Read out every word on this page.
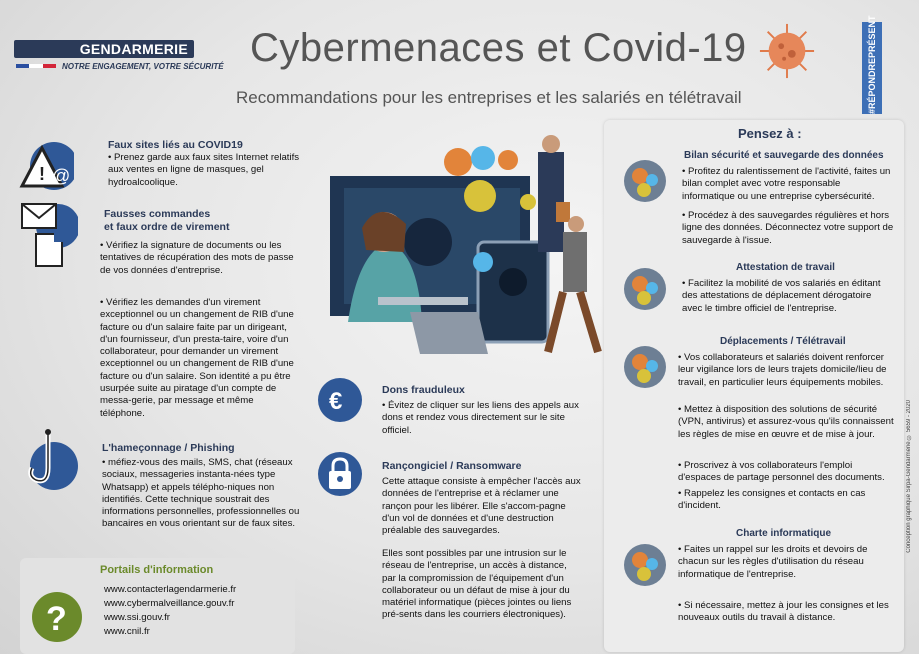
GENDARMERIE
NOTRE ENGAGEMENT, VOTRE SÉCURITÉ Cybermenaces et Covid-19
Recommandations pour les entreprises et les salariés en télétravail	#RÉPONDREPRÉSENT
! @
Faux sites liés au COVID19
• Prenez garde aux faux sites Internet relatifs aux ventes en ligne de masques, gel hydroalcoolique.
Fausses commandes
et faux ordre de virement
• Vérifiez la signature de documents ou les tentatives de récupération des mots de passe de vos données d'entreprise.
• Vérifiez les demandes d'un virement exceptionnel ou un changement de RIB d'une facture ou d'un salaire faite par un dirigeant, d'un fournisseur, d'un presta-taire, voire d'un collaborateur, pour demander un virement exceptionnel ou un changement de RIB d'une facture ou d'un salaire. Son identité a pu être usurpée suite au piratage d'un compte de messa-gerie, par message et même téléphone.
L'hameçonnage / Phishing
• méfiez-vous des mails, SMS, chat (réseaux sociaux, messageries instanta-nées type Whatsapp) et appels télépho-niques non identifiés. Cette technique soustrait des informations personnelles, professionnelles ou bancaires en vous orientant sur de faux sites.
?
Portails d'information
www.contacterlagendarmerie.fr
www.cybermalveillance.gouv.fr
www.ssi.gouv.fr
www.cnil.fr
€	Dons frauduleux
• Évitez de cliquer sur les liens des appels aux dons et rendez vous directement sur le site officiel.
Rançongiciel / Ransomware
Cette attaque consiste à empêcher l'accès aux données de l'entreprise et à réclamer une rançon pour les libérer. Elle s'accom-pagne d'un vol de données et d'une destruction préalable des sauvegardes.
Elles sont possibles par une intrusion sur le réseau de l'entreprise, un accès à distance, par la compromission de l'équipement d'un collaborateur ou un défaut de mise à jour du matériel informatique (pièces jointes ou liens pré-sents dans les courriers électroniques).
Pensez à :
Bilan sécurité et sauvegarde des données
• Profitez du ralentissement de l'activité, faites un bilan complet avec votre responsable informatique ou une entreprise cybersécurité.
• Procédez à des sauvegardes régulières et hors ligne des données. Déconnectez votre support de sauvegarde à l'issue.
Attestation de travail
• Facilitez la mobilité de vos salariés en éditant des attestations de déplacement dérogatoire avec le timbre officiel de l'entreprise.
Déplacements / Télétravail
• Vos collaborateurs et salariés doivent renforcer leur vigilance lors de leurs trajets domicile/lieu de travail, en particulier leurs équipements mobiles.
• Mettez à disposition des solutions de sécurité (VPN, antivirus) et assurez-vous qu'ils connaissent les règles de mise en œuvre et de mise à jour.
• Proscrivez à vos collaborateurs l'emploi d'espaces de partage personnel des documents.
• Rappelez les consignes et contacts en cas d'incident.
Charte informatique
• Faites un rappel sur les droits et devoirs de chacun sur les règles d'utilisation du réseau informatique de l'entreprise.
• Si nécessaire, mettez à jour les consignes et les nouveaux outils du travail à distance.
Conception graphique Sirpa-Gendarmerie © 5659 - 2020
